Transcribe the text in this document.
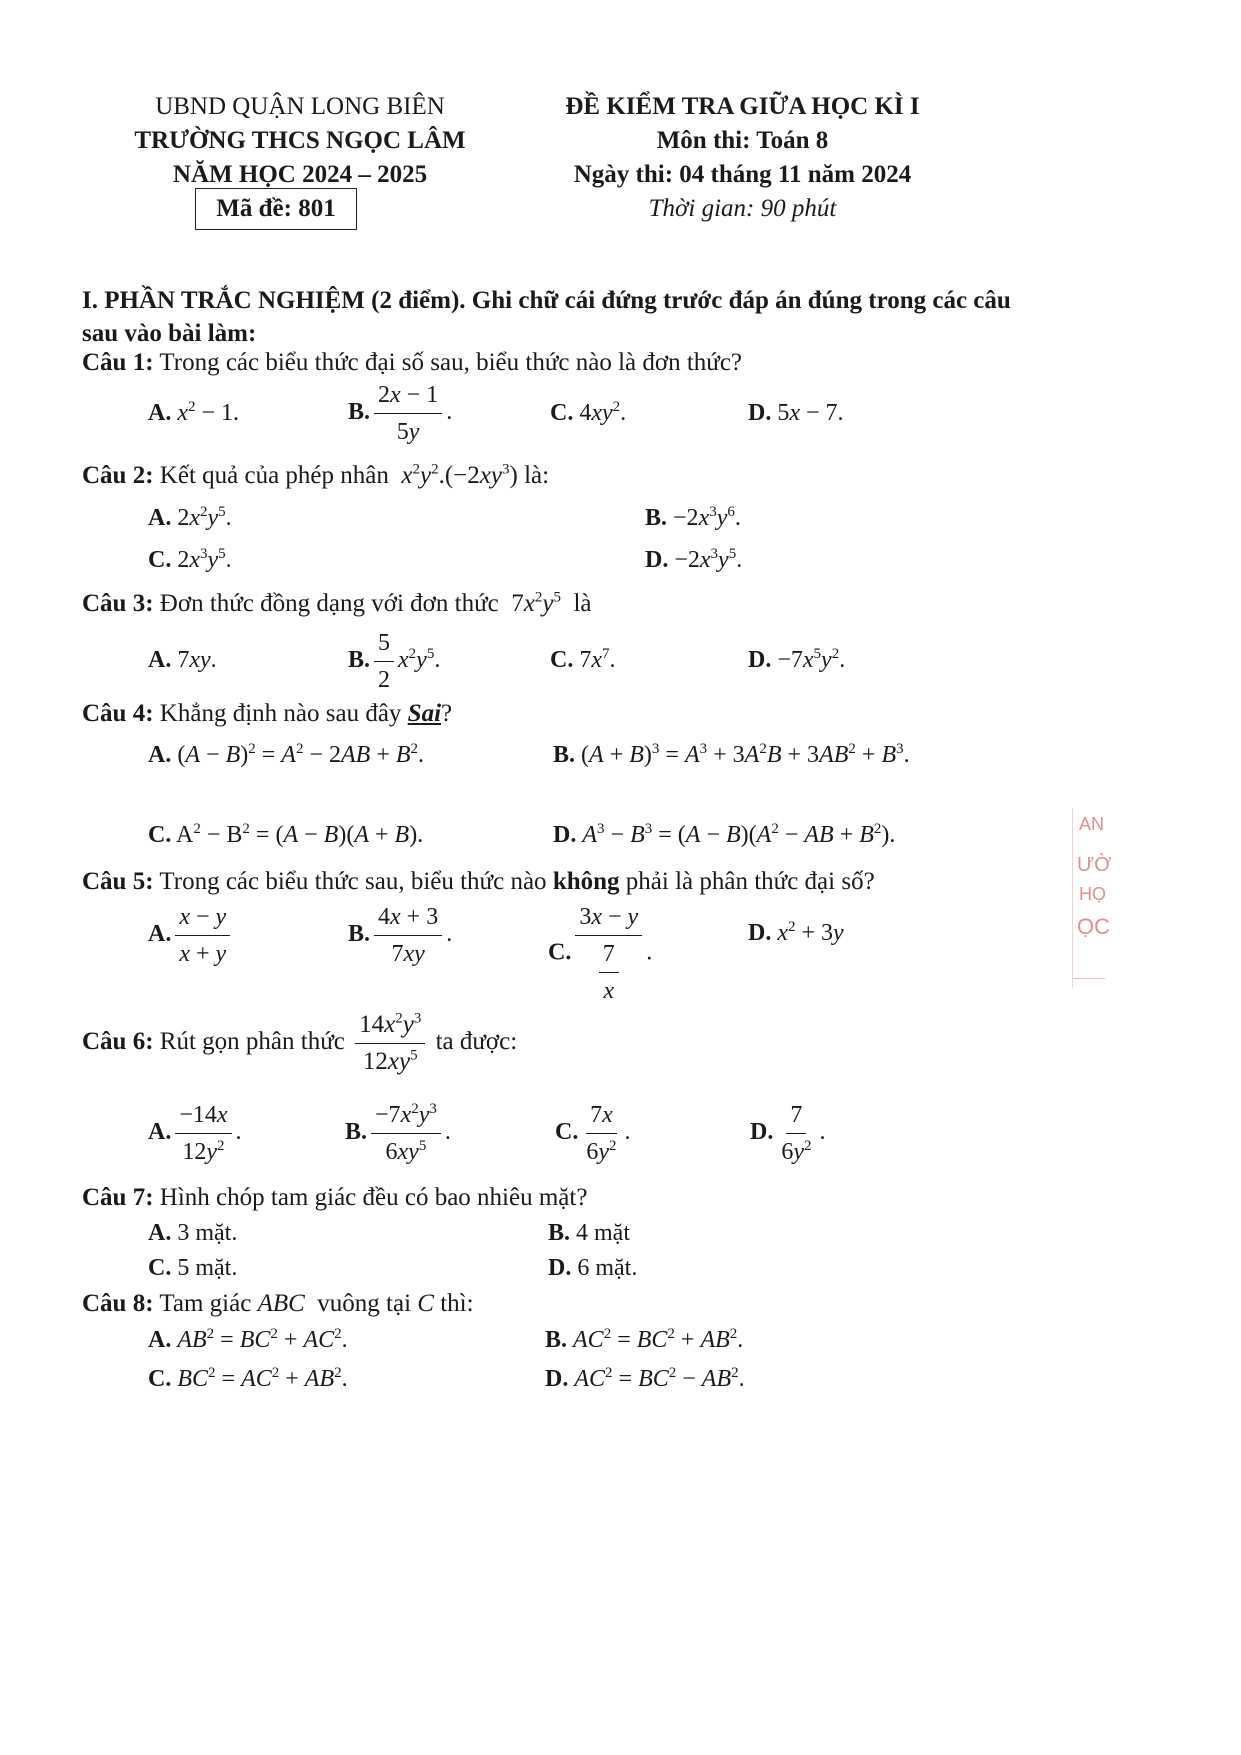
UBND QUẬN LONG BIÊN
TRƯỜNG THCS NGỌC LÂM
NĂM HỌC 2024 – 2025
Mã đề: 801
ĐỀ KIỂM TRA GIỮA HỌC KÌ I
Môn thi: Toán 8
Ngày thi: 04 tháng 11 năm 2024
Thời gian: 90 phút
I. PHẦN TRẮC NGHIỆM (2 điểm). Ghi chữ cái đứng trước đáp án đúng trong các câu
sau vào bài làm:
Câu 1: Trong các biểu thức đại số sau, biểu thức nào là đơn thức?
A. $x^2 - 1$.	B. $\frac{2x - 1}{5y}$ .	C. $4xy^2$.	D. 5x − 7.
Câu 2: Kết quả của phép nhân $x^2y^2.(-2xy^3)$ là:
A. $2x^2y^5$.	B. $-2x^3y^6$.
C. $2x^3y^5$.	D. $-2x^3y^5$.
Câu 3: Đơn thức đồng dạng với đơn thức  $7x^2y^5$ là
A. 7xy.	B. $\frac{5}{2} x^2y^5$.	C. $7x^7$.	D. $-7x^5y^2$.
Câu 4: Khẳng định nào sau đây Sai?
A. $(A - B)^2 = A^2 - 2AB + B^2$.	B. $(A + B)^3 = A^3 + 3A^2B + 3AB^2 + B^3$.
C. $A^2 - B^2 = (A - B)(A + B)$.	D. $A^3 - B^3 = (A - B)(A^2$ − AB + $B^2$).
Câu 5: Trong các biểu thức sau, biểu thức nào không phải là phân thức đại số?
A. $\frac{x - y}{x + y}$	B. $\frac{4x + 3}{7xy}$ .
C. $\frac{3x - y}{\frac{7}{x}}$ .
D. $x^2 + 3y$
Câu 6: Rút gọn phân thức $\frac{14x^2y^3}{12xy^5}$ ta được:
A. $\frac{-14x}{12y^2}$ .	B. $\frac{-7x^2y^3}{6xy^5}$ .	C. $\frac{7x}{6y^2}$ .	D. $\frac{7}{6y^2}$ .
Câu 7: Hình chóp tam giác đều có bao nhiêu mặt?
A. 3 mặt.	B. 4 mặt
C. 5 mặt.	D. 6 mặt.
Câu 8: Tam giác ABC vuông tại C thì:
A. $AB^2 = BC^2 + AC^2$.	B. $AC^2 = BC^2 + AB^2$.
C. $BC^2 = AC^2 + AB^2$.	D. $AC^2 = BC^2 - AB^2$.
AN
ƯỜ
HỌ
ỌC
